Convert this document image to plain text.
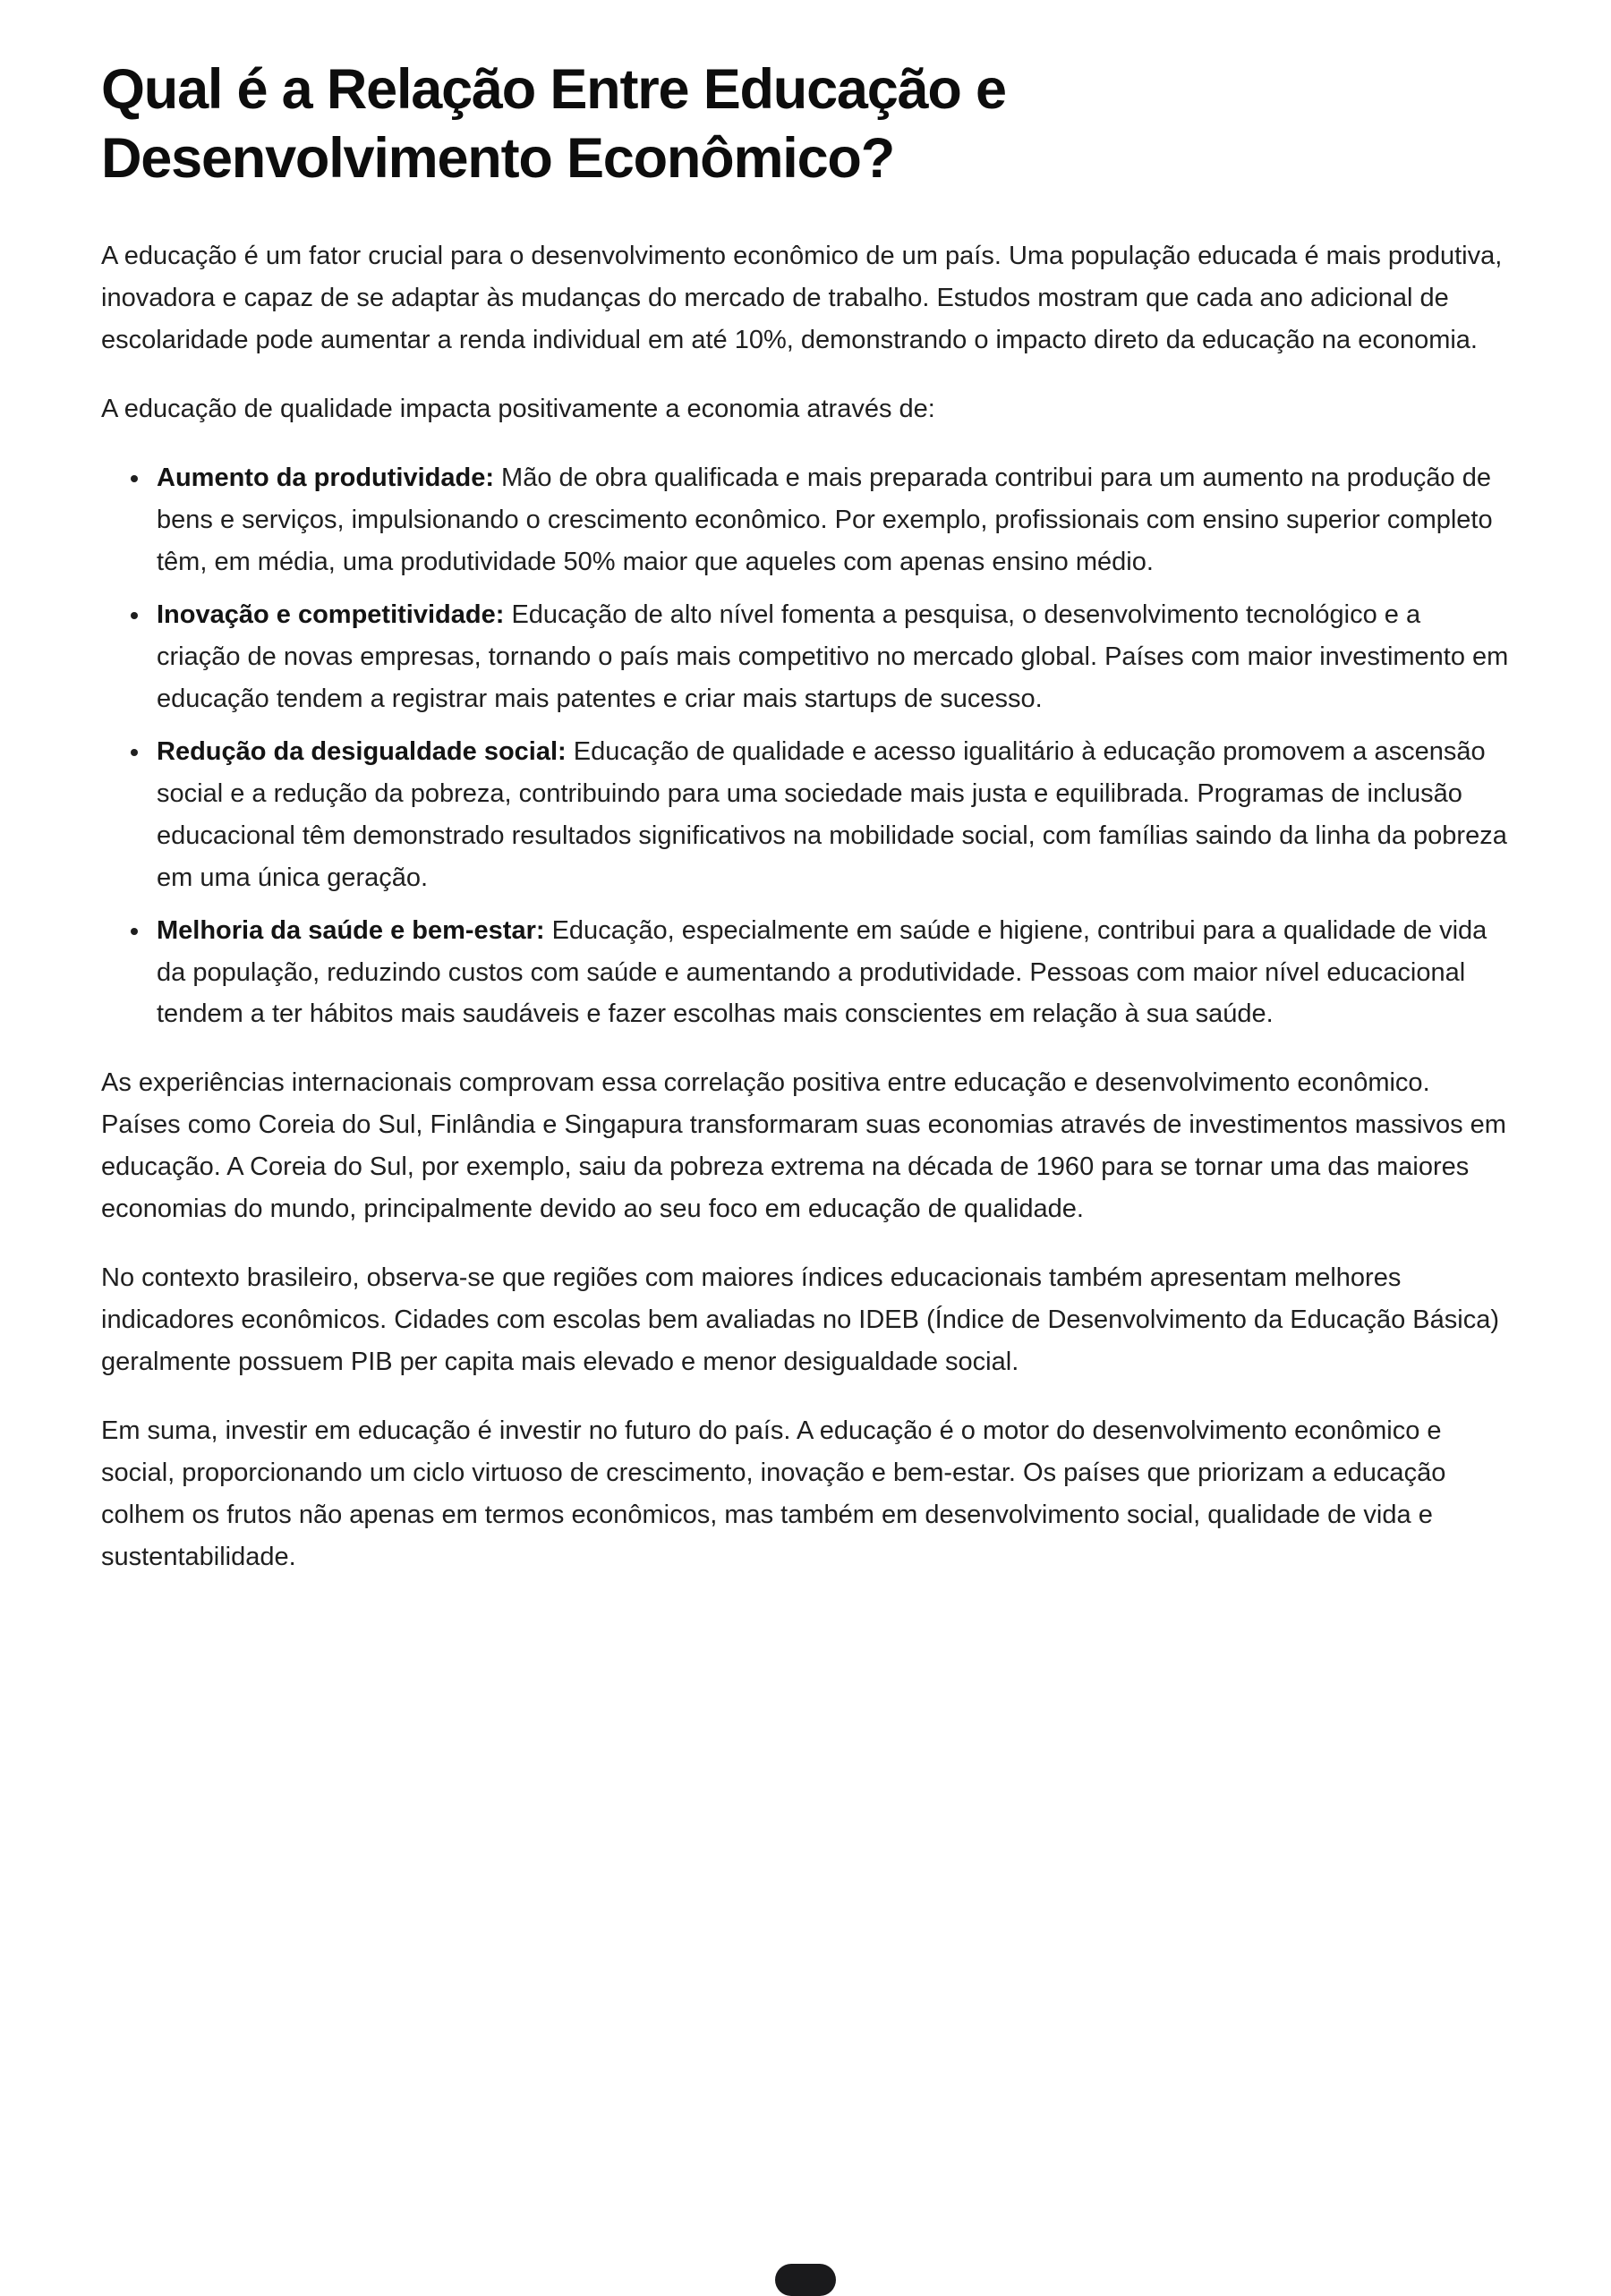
Qual é a Relação Entre Educação e Desenvolvimento Econômico?

A educação é um fator crucial para o desenvolvimento econômico de um país. Uma população educada é mais produtiva, inovadora e capaz de se adaptar às mudanças do mercado de trabalho. Estudos mostram que cada ano adicional de escolaridade pode aumentar a renda individual em até 10%, demonstrando o impacto direto da educação na economia.

A educação de qualidade impacta positivamente a economia através de:

• Aumento da produtividade: Mão de obra qualificada e mais preparada contribui para um aumento na produção de bens e serviços, impulsionando o crescimento econômico. Por exemplo, profissionais com ensino superior completo têm, em média, uma produtividade 50% maior que aqueles com apenas ensino médio.
• Inovação e competitividade: Educação de alto nível fomenta a pesquisa, o desenvolvimento tecnológico e a criação de novas empresas, tornando o país mais competitivo no mercado global. Países com maior investimento em educação tendem a registrar mais patentes e criar mais startups de sucesso.
• Redução da desigualdade social: Educação de qualidade e acesso igualitário à educação promovem a ascensão social e a redução da pobreza, contribuindo para uma sociedade mais justa e equilibrada. Programas de inclusão educacional têm demonstrado resultados significativos na mobilidade social, com famílias saindo da linha da pobreza em uma única geração.
• Melhoria da saúde e bem-estar: Educação, especialmente em saúde e higiene, contribui para a qualidade de vida da população, reduzindo custos com saúde e aumentando a produtividade. Pessoas com maior nível educacional tendem a ter hábitos mais saudáveis e fazer escolhas mais conscientes em relação à sua saúde.

As experiências internacionais comprovam essa correlação positiva entre educação e desenvolvimento econômico. Países como Coreia do Sul, Finlândia e Singapura transformaram suas economias através de investimentos massivos em educação. A Coreia do Sul, por exemplo, saiu da pobreza extrema na década de 1960 para se tornar uma das maiores economias do mundo, principalmente devido ao seu foco em educação de qualidade.

No contexto brasileiro, observa-se que regiões com maiores índices educacionais também apresentam melhores indicadores econômicos. Cidades com escolas bem avaliadas no IDEB (Índice de Desenvolvimento da Educação Básica) geralmente possuem PIB per capita mais elevado e menor desigualdade social.

Em suma, investir em educação é investir no futuro do país. A educação é o motor do desenvolvimento econômico e social, proporcionando um ciclo virtuoso de crescimento, inovação e bem-estar. Os países que priorizam a educação colhem os frutos não apenas em termos econômicos, mas também em desenvolvimento social, qualidade de vida e sustentabilidade.
